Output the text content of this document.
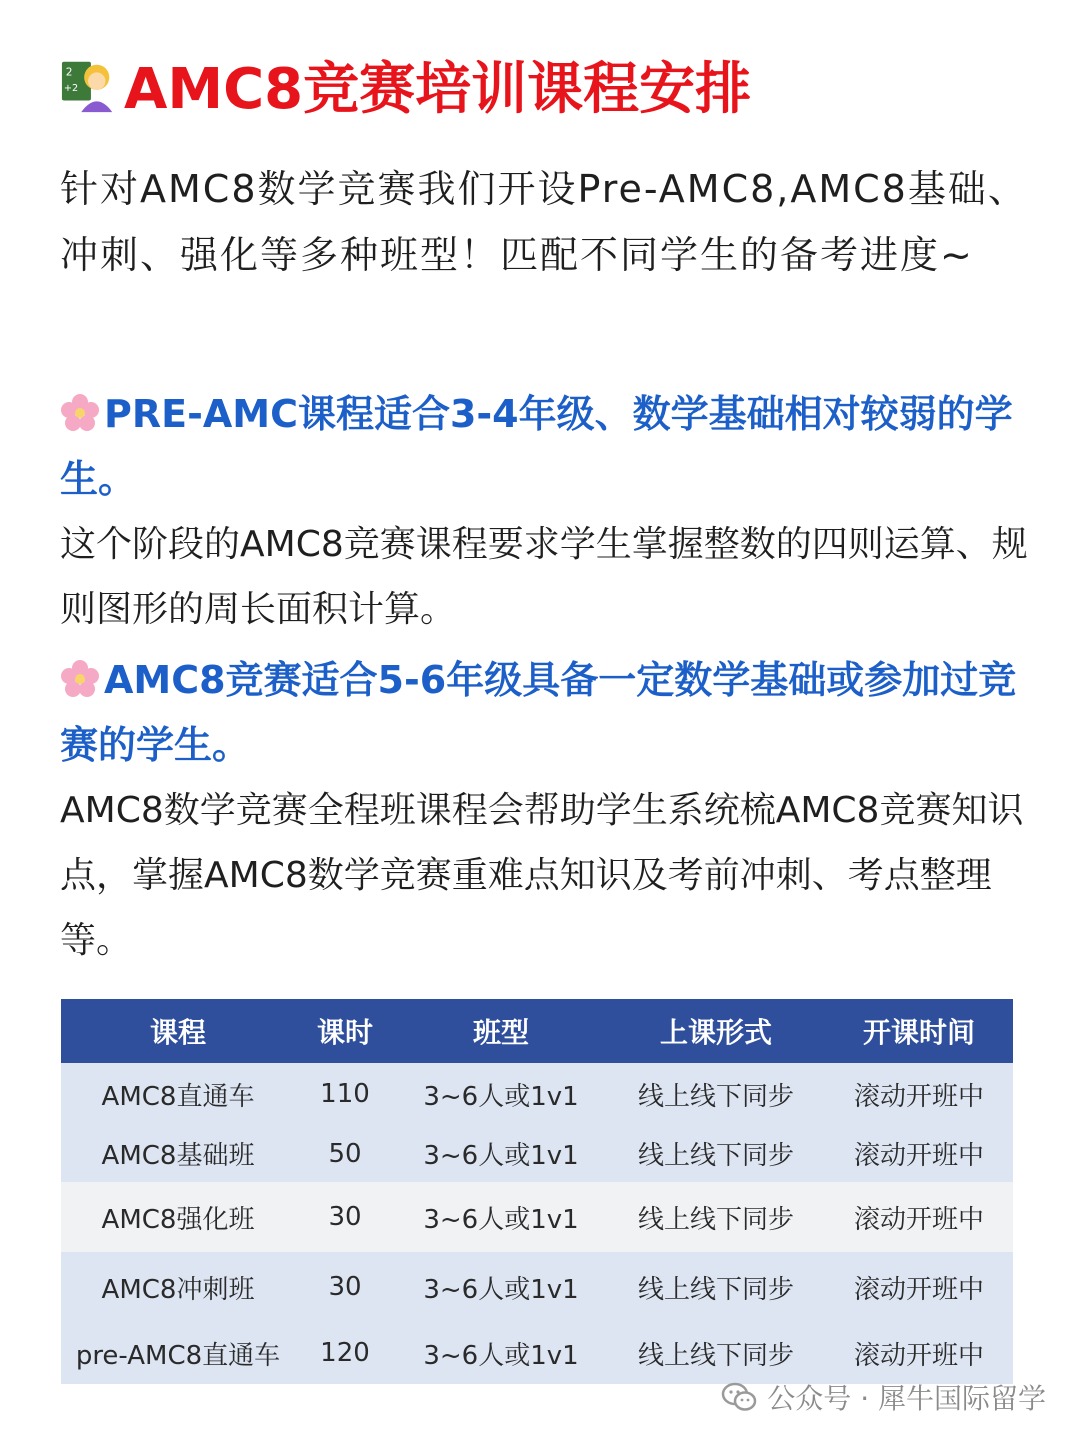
2
+2 AMC8竞赛培训课程安排
针对AMC8数学竞赛我们开设Pre-AMC8,AMC8基础、冲刺、强化等多种班型！匹配不同学生的备考进度~
PRE-AMC课程适合3-4年级、数学基础相对较弱的学生。
这个阶段的AMC8竞赛课程要求学生掌握整数的四则运算、规则图形的周长面积计算。
AMC8竞赛适合5-6年级具备一定数学基础或参加过竞赛的学生。
AMC8数学竞赛全程班课程会帮助学生系统梳AMC8竞赛知识点，掌握AMC8数学竞赛重难点知识及考前冲刺、考点整理等。
课程	课时	班型	上课形式	开课时间
AMC8直通车	110	3~6人或1v1	线上线下同步	滚动开班中
AMC8基础班	50	3~6人或1v1	线上线下同步	滚动开班中
AMC8强化班	30	3~6人或1v1	线上线下同步	滚动开班中
AMC8冲刺班	30	3~6人或1v1	线上线下同步	滚动开班中
pre-AMC8直通车	120	3~6人或1v1	线上线下同步	滚动开班中
公众号 · 犀牛国际留学
